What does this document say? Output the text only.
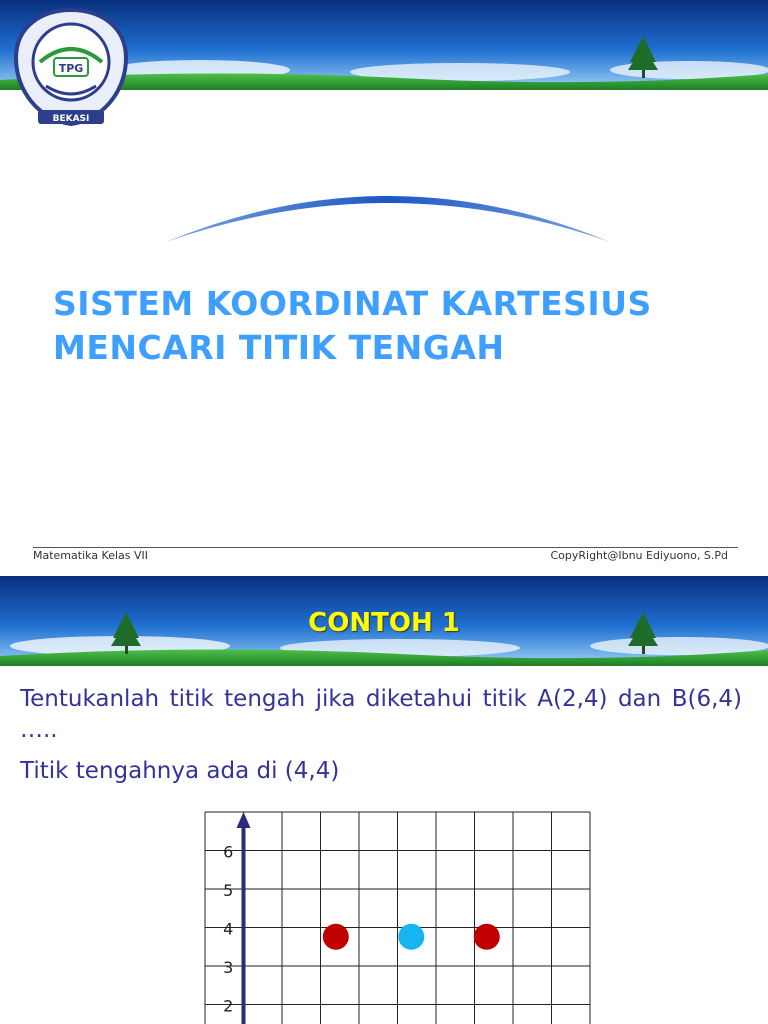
TPG
BEKASI
SISTEM KOORDINAT KARTESIUS
MENCARI TITIK TENGAH
Matematika Kelas VII	CopyRight@Ibnu Ediyuono, S.Pd
CONTOH 1
Tentukanlah titik tengah jika diketahui titik A(2,4) dan B(6,4) …..
Titik tengahnya ada di (4,4)
6
5
4
3
2
